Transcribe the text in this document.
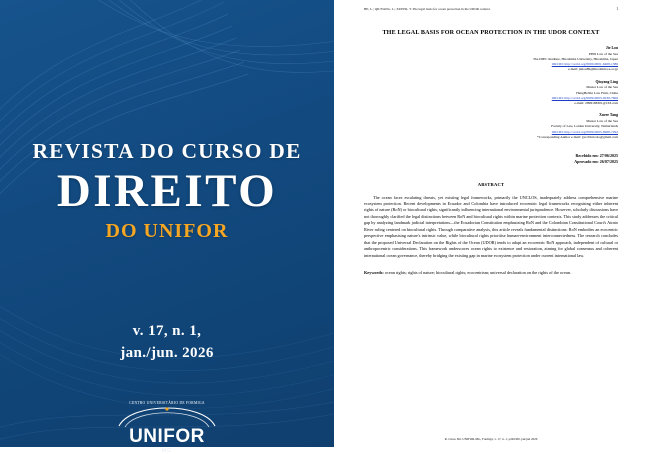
REVISTA DO CURSO DE
DIREITO
DO UNIFOR
v. 17, n. 1,
jan./jun. 2026
CENTRO UNIVERSITÁRIO DE FORMIGA
UNIFOR
MG
HE, L.; QIUYANG, L.; XUEER, T. The legal basis for ocean protection in the UDOR context.	1
THE LEGAL BASIS FOR OCEAN PROTECTION IN THE UDOR CONTEXT
Jie Lou
PHD Law of the Sea
The IDEC Institute, Hiroshima University, Hiroshima, Japan
ORCID: http://orcid.org/0000-0001-6408-1386
e-mail: jielou89@hiroshima-u.ac.jp
Qiuyang Ling
Master Law of the Sea
HengHeXin Law Firm, China
ORCID: http://orcid.org/0009-0003-0230-7600
e-mail: 2899168301@163.com
Xueer Tang
Master Law of the Sea
Faculty of Law, Leiden University, Netherlands
ORCID: http://orcid.org/0009-0005-6908-7292
*Corresponding Author e-mail: gw101nicole@gmail.com
Recebido em: 27/06/2025
Aprovado em: 26/07/2025
ABSTRACT
The ocean faces escalating threats, yet existing legal frameworks, primarily the UNCLOS, inadequately address comprehensive marine ecosystem protection. Recent developments in Ecuador and Colombia have introduced ecocentric legal frameworks recognising either inherent rights of nature (RoN) or biocultural rights, significantly influencing international environmental jurisprudence. However, scholarly discussions have not thoroughly clarified the legal distinctions between RoN and biocultural rights within marine protection contexts. This study addresses the critical gap by analyzing landmark judicial interpretations—the Ecuadorian Constitution emphasizing RoN and the Colombian Constitutional Court's Atrato River ruling centered on biocultural rights. Through comparative analysis, this article reveals fundamental distinctions: RoN embodies an ecocentric perspective emphasising nature's intrinsic value, while biocultural rights prioritise human-environment interconnectedness. The research concludes that the proposed Universal Declaration on the Rights of the Ocean (UDOR) tends to adopt an ecocentric RoN approach, independent of cultural or anthropocentric considerations. This framework underscores ocean rights to existence and restoration, aiming for global consensus and coherent international ocean governance, thereby bridging the existing gap in marine ecosystem protection under current international law.
Keywords: ocean rights; rights of nature; biocultural rights; ecocentrism; universal declaration on the rights of the ocean.
R. Curso Dir. UNIFOR-MG, Formiga, v. 17, n. 1, p262300, jan/jun 2026
